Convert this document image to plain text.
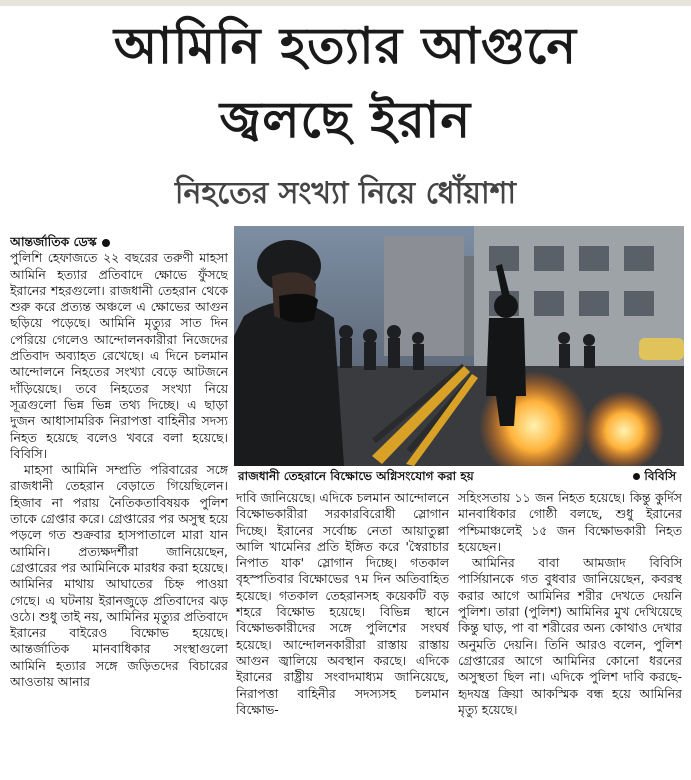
আমিনি হত্যার আগুনে
জ্বলছে ইরান
নিহতের সংখ্যা নিয়ে ধোঁয়াশা

আন্তর্জাতিক ডেস্ক

পুলিশি হেফাজতে ২২ বছরের তরুণী মাহসা আমিনি হত্যার প্রতিবাদে ক্ষোভে ফুঁসছে ইরানের শহরগুলো। রাজধানী তেহরান থেকে শুরু করে প্রত্যন্ত অঞ্চলে এ ক্ষোভের আগুন ছড়িয়ে পড়েছে। আমিনি মৃত্যুর সাত দিন পেরিয়ে গেলেও আন্দোলনকারীরা নিজেদের প্রতিবাদ অব্যাহত রেখেছে। এ দিনে চলমান আন্দোলনে নিহতের সংখ্যা বেড়ে আটজনে দাঁড়িয়েছে। তবে নিহতের সংখ্যা নিয়ে সূত্রগুলো ভিন্ন ভিন্ন তথ্য দিচ্ছে। এ ছাড়া দুজন আধাসামরিক নিরাপত্তা বাহিনীর সদস্য নিহত হয়েছে বলেও খবরে বলা হয়েছে। বিবিসি।

মাহসা আমিনি সম্প্রতি পরিবারের সঙ্গে রাজধানী তেহরান বেড়াতে গিয়েছিলেন। হিজাব না পরায় নৈতিকতাবিষয়ক পুলিশ তাকে গ্রেপ্তার করে। গ্রেপ্তারের পর অসুস্থ হয়ে পড়লে গত শুক্রবার হাসপাতালে মারা যান আমিনি। প্রত্যক্ষদর্শীরা জানিয়েছেন, গ্রেপ্তারের পর আমিনিকে মারধর করা হয়েছে। আমিনির মাথায় আঘাতের চিহ্ন পাওয়া গেছে। এ ঘটনায় ইরানজুড়ে প্রতিবাদের ঝড় ওঠে। শুধু তাই নয়, আমিনির মৃত্যুর প্রতিবাদে ইরানের বাইরেও বিক্ষোভ হয়েছে। আন্তর্জাতিক মানবাধিকার সংস্থাগুলো আমিনি হত্যার সঙ্গে জড়িতদের বিচারের আওতায় আনার

রাজধানী তেহরানে বিক্ষোভে অগ্নিসংযোগ করা হয়	বিবিসি

দাবি জানিয়েছে। এদিকে চলমান আন্দোলনে বিক্ষোভকারীরা সরকারবিরোধী স্লোগান দিচ্ছে। ইরানের সর্বোচ্চ নেতা আয়াতুল্লা আলি খামেনির প্রতি ইঙ্গিত করে 'স্বৈরাচার নিপাত যাক' স্লোগান দিচ্ছে। গতকাল বৃহস্পতিবার বিক্ষোভের ৭ম দিন অতিবাহিত হয়েছে। গতকাল তেহরানসহ কয়েকটি বড় শহরে বিক্ষোভ হয়েছে। বিভিন্ন স্থানে বিক্ষোভকারীদের সঙ্গে পুলিশের সংঘর্ষ হয়েছে। আন্দোলনকারীরা রাস্তায় রাস্তায় আগুন জ্বালিয়ে অবস্থান করছে। এদিকে ইরানের রাষ্ট্রীয় সংবাদমাধ্যম জানিয়েছে, নিরাপত্তা বাহিনীর সদস্যসহ চলমান বিক্ষোভ-

সহিংসতায় ১১ জন নিহত হয়েছে। কিন্তু কুর্দিস মানবাধিকার গোষ্ঠী বলছে, শুধু ইরানের পশ্চিমাঞ্চলেই ১৫ জন বিক্ষোভকারী নিহত হয়েছেন।

আমিনির বাবা আমজাদ বিবিসি পার্সিয়ানকে গত বুধবার জানিয়েছেন, কবরস্থ করার আগে আমিনির শরীর দেখতে দেয়নি পুলিশ। তারা (পুলিশ) আমিনির মুখ দেখিয়েছে কিন্তু ঘাড়, পা বা শরীরের অন্য কোথাও দেখার অনুমতি দেয়নি। তিনি আরও বলেন, পুলিশ গ্রেপ্তারের আগে আমিনির কোনো ধরনের অসুস্থতা ছিল না। এদিকে পুলিশ দাবি করছে- হৃদযন্ত্র ক্রিয়া আকস্মিক বন্ধ হয়ে আমিনির মৃত্যু হয়েছে।
